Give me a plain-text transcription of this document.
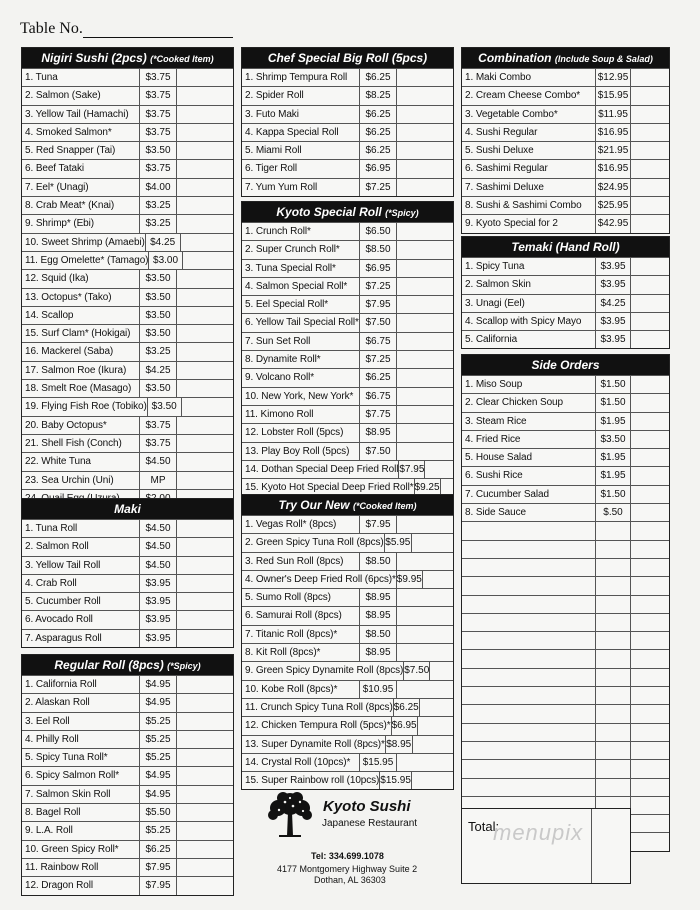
Table No.
Nigiri Sushi (2pcs) (*Cooked Item)
1. Tuna	$3.75
2. Salmon (Sake)	$3.75
3. Yellow Tail (Hamachi)	$3.75
4. Smoked Salmon*	$3.75
5. Red Snapper (Tai)	$3.50
6. Beef Tataki	$3.75
7. Eel* (Unagi)	$4.00
8. Crab Meat* (Knai)	$3.25
9. Shrimp* (Ebi)	$3.25
10. Sweet Shrimp (Amaebi) $4.25
11. Egg Omelette* (Tamago) $3.00
12. Squid (Ika)	$3.50
13. Octopus* (Tako)	$3.50
14. Scallop	$3.50
15. Surf Clam* (Hokigai)	$3.50
16. Mackerel (Saba)	$3.25
17. Salmon Roe (Ikura)	$4.25
18. Smelt Roe (Masago)	$3.50
19. Flying Fish Roe (Tobiko) $3.50
20. Baby Octopus*	$3.75
21. Shell Fish (Conch)	$3.75
22. White Tuna	$4.50
23. Sea Urchin (Uni)	MP
Maki
1. Tuna Roll	$4.50
2. Salmon Roll	$4.50
3. Yellow Tail Roll	$4.50
4. Crab Roll	$3.95
5. Cucumber Roll	$3.95
6. Avocado Roll	$3.95
7. Asparagus Roll	$3.95
Regular Roll (8pcs) (*Spicy)
1. California Roll	$4.95
2. Alaskan Roll	$4.95
3. Eel Roll	$5.25
4. Philly Roll	$5.25
5. Spicy Tuna Roll*	$5.25
6. Spicy Salmon Roll*	$4.95
7. Salmon Skin Roll	$4.95
8. Bagel Roll	$5.50
9. L.A. Roll	$5.25
10. Green Spicy Roll*	$6.25
11. Rainbow Roll	$7.95
12. Dragon Roll	$7.95
Chef Special Big Roll (5pcs)
1. Shrimp Tempura Roll	$6.25
2. Spider Roll	$8.25
3. Futo Maki	$6.25
4. Kappa Special Roll	$6.25
5. Miami Roll	$6.25
6. Tiger Roll	$6.95
7. Yum Yum Roll	$7.25
Kyoto Special Roll (*Spicy)
1. Crunch Roll*	$6.50
2. Super Crunch Roll*	$8.50
3. Tuna Special Roll*	$6.95
4. Salmon Special Roll*	$7.25
5. Eel Special Roll*	$7.95
6. Yellow Tail Special Roll* $7.50
7. Sun Set Roll	$6.75
8. Dynamite Roll*	$7.25
9. Volcano Roll*	$6.25
10. New York, New York*	$6.75
11. Kimono Roll	$7.75
12. Lobster Roll (5pcs)	$8.95
13. Play Boy Roll (5pcs)	$7.50
14. Dothan Special Deep Fried Roll $7.95
15. Kyoto Hot Special Deep Fried Roll* $9.25
Try Our New (*Cooked Item)
1. Vegas Roll* (8pcs)	$7.95
2. Green Spicy Tuna Roll (8pcs) $5.95
3. Red Sun Roll (8pcs)	$8.50
4. Owner's Deep Fried Roll (6pcs)* $9.95
5. Sumo Roll (8pcs)	$8.95
6. Samurai Roll (8pcs)	$8.95
7. Titanic Roll (8pcs)*	$8.50
8. Kit Roll (8pcs)*	$8.95
9. Green Spicy Dynamite Roll (8pcs) $7.50
10. Kobe Roll (8pcs)*	$10.95
11. Crunch Spicy Tuna Roll (8pcs) $6.25
12. Chicken Tempura Roll (5pcs)* $6.95
13. Super Dynamite Roll (8pcs)* $8.95
14. Crystal Roll (10pcs)*	$15.95
15. Super Rainbow roll (10pcs) $15.95
Combination (Include Soup & Salad)
1. Maki Combo	$12.95
2. Cream Cheese Combo*	$15.95
3. Vegetable Combo*	$11.95
4. Sushi Regular	$16.95
5. Sushi Deluxe	$21.95
6. Sashimi Regular	$16.95
7. Sashimi Deluxe	$24.95
8. Sushi & Sashimi Combo	$25.95
9. Kyoto Special for 2	$42.95
Temaki (Hand Roll)
1. Spicy Tuna	$3.95
2. Salmon Skin	$3.95
3. Unagi (Eel)	$4.25
4. Scallop with Spicy Mayo	$3.95
5. California	$3.95
Side Orders
1. Miso Soup	$1.50
2. Clear Chicken Soup	$1.50
3. Steam Rice	$1.95
4. Fried Rice	$3.50
5. House Salad	$1.95
6. Sushi Rice	$1.95
7. Cucumber Salad	$1.50
8. Side Sauce	$.50
Total:
menupix
Kyoto Sushi
Japanese Restaurant
Tel: 334.699.1078
4177 Montgomery Highway Suite 2
Dothan, AL 36303
